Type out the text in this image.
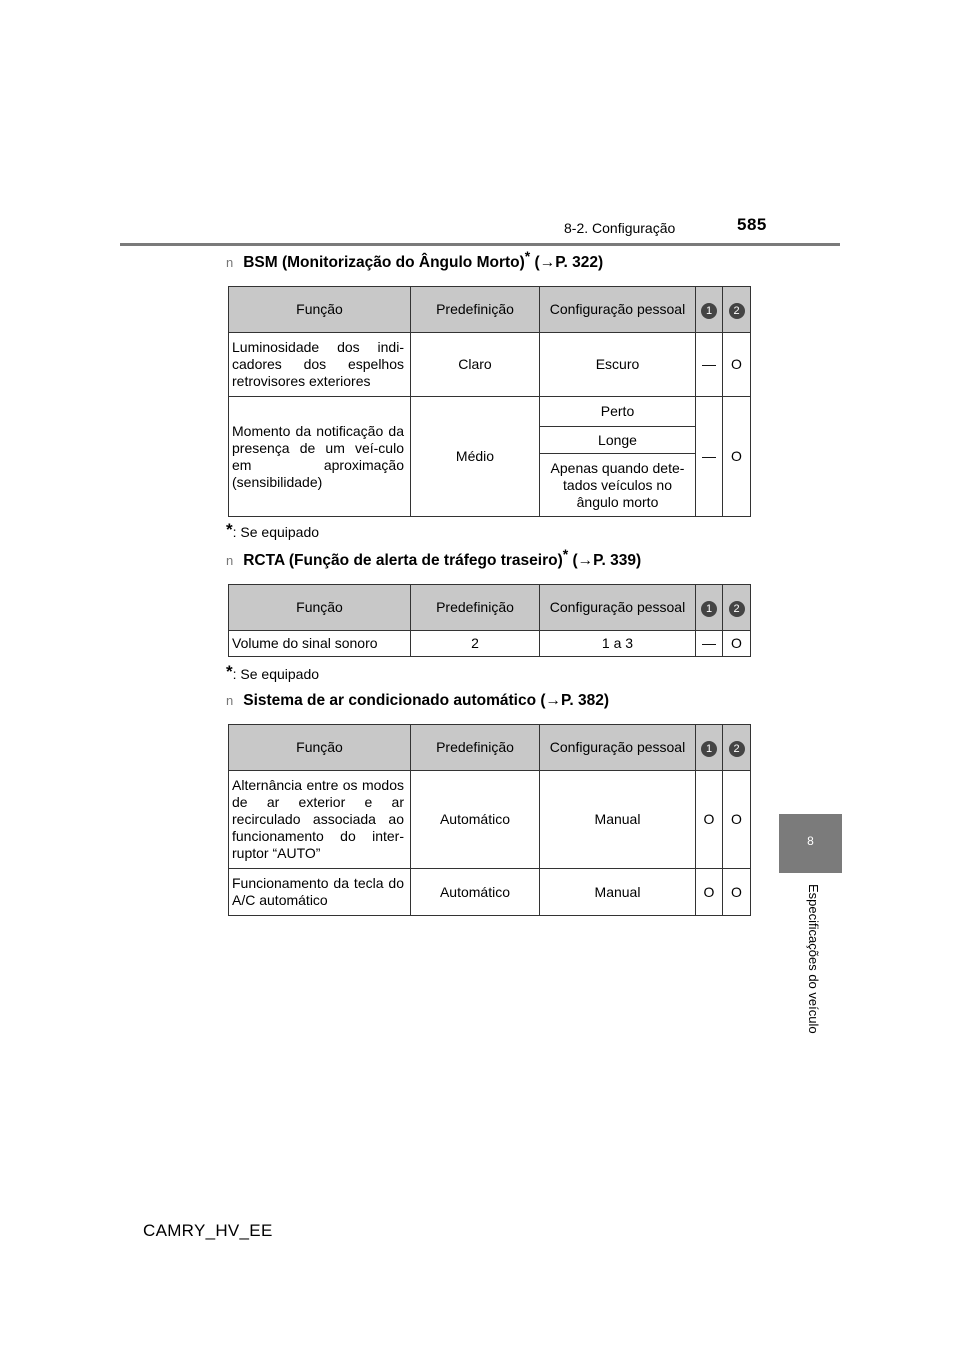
8-2. Configuração	585
8
Especificações do veículo
n BSM (Monitorização do Ângulo Morto)* (→P. 322)
Função	Predefinição	Configuração pessoal	1	2
Luminosidade dos indi-cadores dos espelhos retrovisores exteriores	Claro	Escuro	—	O
Momento da notificação da presença de um veí-culo em aproximação (sensibilidade)	Médio	Perto	—	O
		Longe		
		Apenas quando dete-tados veículos no ângulo morto		
*: Se equipado
n RCTA (Função de alerta de tráfego traseiro)* (→P. 339)
Função	Predefinição	Configuração pessoal	1	2
Volume do sinal sonoro	2	1 a 3	—	O
*: Se equipado
n Sistema de ar condicionado automático (→P. 382)
Função	Predefinição	Configuração pessoal	1	2
Alternância entre os modos de ar exterior e ar recirculado associada ao funcionamento do inter-ruptor “AUTO”	Automático	Manual	O	O
Funcionamento da tecla do A/C automático	Automático	Manual	O	O
CAMRY_HV_EE
